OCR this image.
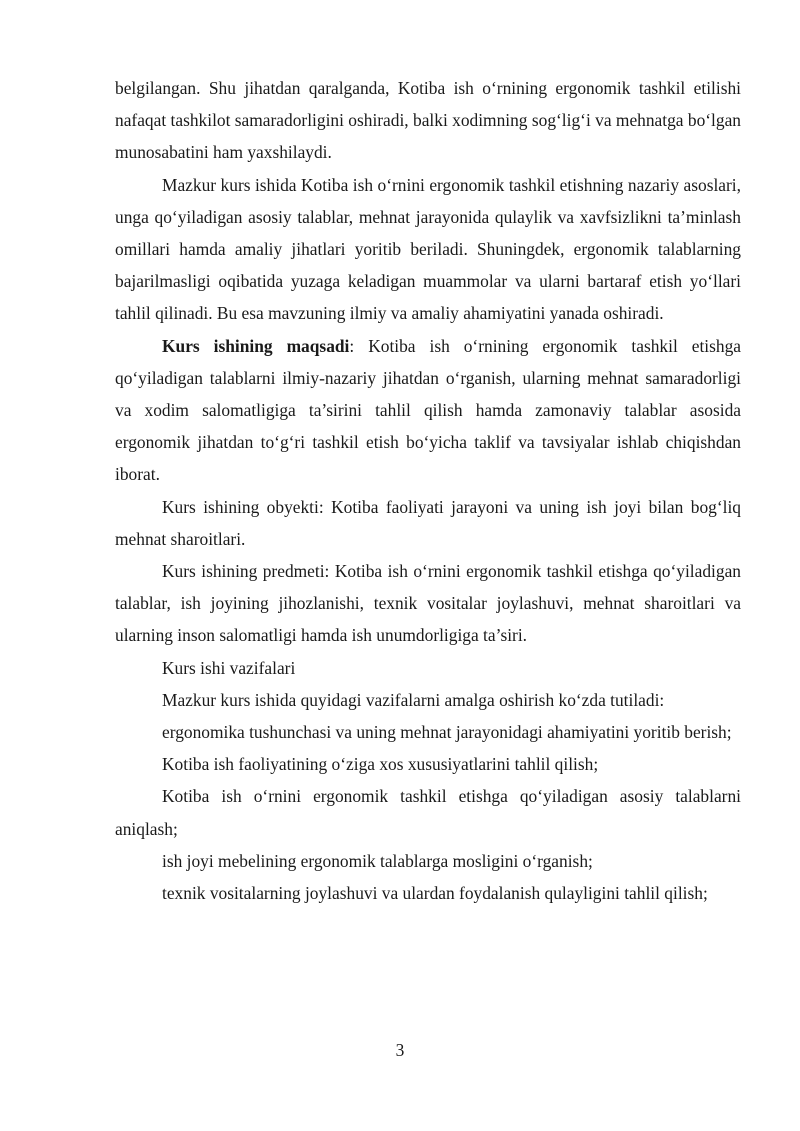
belgilangan. Shu jihatdan qaralganda, Kotiba ish o‘rnining ergonomik tashkil etilishi nafaqat tashkilot samaradorligini oshiradi, balki xodimning sog‘lig‘i va mehnatga bo‘lgan munosabatini ham yaxshilaydi.

Mazkur kurs ishida Kotiba ish o‘rnini ergonomik tashkil etishning nazariy asoslari, unga qo‘yiladigan asosiy talablar, mehnat jarayonida qulaylik va xavfsizlikni ta’minlash omillari hamda amaliy jihatlari yoritib beriladi. Shuningdek, ergonomik talablarning bajarilmasligi oqibatida yuzaga keladigan muammolar va ularni bartaraf etish yo‘llari tahlil qilinadi. Bu esa mavzuning ilmiy va amaliy ahamiyatini yanada oshiradi.

Kurs ishining maqsadi: Kotiba ish o‘rnining ergonomik tashkil etishga qo‘yiladigan talablarni ilmiy-nazariy jihatdan o‘rganish, ularning mehnat samaradorligi va xodim salomatligiga ta’sirini tahlil qilish hamda zamonaviy talablar asosida ergonomik jihatdan to‘g‘ri tashkil etish bo‘yicha taklif va tavsiyalar ishlab chiqishdan iborat.

Kurs ishining obyekti: Kotiba faoliyati jarayoni va uning ish joyi bilan bog‘liq mehnat sharoitlari.

Kurs ishining predmeti: Kotiba ish o‘rnini ergonomik tashkil etishga qo‘yiladigan talablar, ish joyining jihozlanishi, texnik vositalar joylashuvi, mehnat sharoitlari va ularning inson salomatligi hamda ish unumdorligiga ta’siri.

Kurs ishi vazifalari

Mazkur kurs ishida quyidagi vazifalarni amalga oshirish ko‘zda tutiladi:

ergonomika tushunchasi va uning mehnat jarayonidagi ahamiyatini yoritib berish;

Kotiba ish faoliyatining o‘ziga xos xususiyatlarini tahlil qilish;

Kotiba ish o‘rnini ergonomik tashkil etishga qo‘yiladigan asosiy talablarni aniqlash;

ish joyi mebelining ergonomik talablarga mosligini o‘rganish;

texnik vositalarning joylashuvi va ulardan foydalanish qulayligini tahlil qilish;

3
